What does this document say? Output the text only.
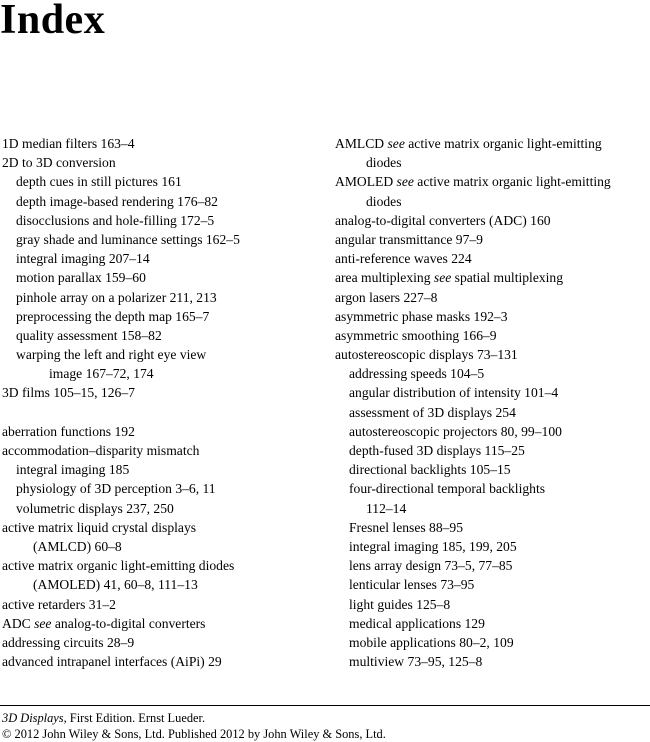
Index
1D median filters 163–4
2D to 3D conversion
depth cues in still pictures 161
depth image-based rendering 176–82
disocclusions and hole-filling 172–5
gray shade and luminance settings 162–5
integral imaging 207–14
motion parallax 159–60
pinhole array on a polarizer 211, 213
preprocessing the depth map 165–7
quality assessment 158–82
warping the left and right eye view
image 167–72, 174
3D films 105–15, 126–7
aberration functions 192
accommodation–disparity mismatch
integral imaging 185
physiology of 3D perception 3–6, 11
volumetric displays 237, 250
active matrix liquid crystal displays
(AMLCD) 60–8
active matrix organic light-emitting diodes
(AMOLED) 41, 60–8, 111–13
active retarders 31–2
ADC see analog-to-digital converters
addressing circuits 28–9
advanced intrapanel interfaces (AiPi) 29
AMLCD see active matrix organic light-emitting
diodes
AMOLED see active matrix organic light-emitting
diodes
analog-to-digital converters (ADC) 160
angular transmittance 97–9
anti-reference waves 224
area multiplexing see spatial multiplexing
argon lasers 227–8
asymmetric phase masks 192–3
asymmetric smoothing 166–9
autostereoscopic displays 73–131
addressing speeds 104–5
angular distribution of intensity 101–4
assessment of 3D displays 254
autostereoscopic projectors 80, 99–100
depth-fused 3D displays 115–25
directional backlights 105–15
four-directional temporal backlights
112–14
Fresnel lenses 88–95
integral imaging 185, 199, 205
lens array design 73–5, 77–85
lenticular lenses 73–95
light guides 125–8
medical applications 129
mobile applications 80–2, 109
multiview 73–95, 125–8
3D Displays, First Edition. Ernst Lueder.
© 2012 John Wiley & Sons, Ltd. Published 2012 by John Wiley & Sons, Ltd.
